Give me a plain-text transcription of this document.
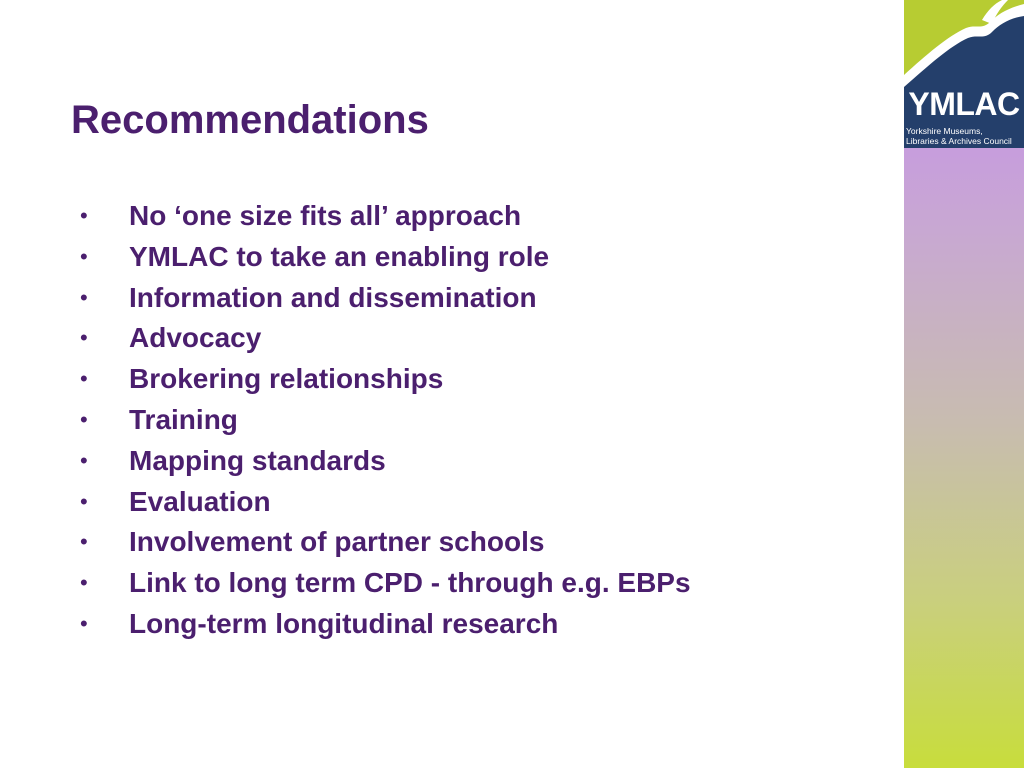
Recommendations
• No ‘one size fits all’ approach
• YMLAC to take an enabling role
• Information and dissemination
• Advocacy
• Brokering relationships
• Training
• Mapping standards
• Evaluation
• Involvement of partner schools
• Link to long term CPD - through e.g. EBPs
• Long-term longitudinal research
YMLAC
Yorkshire Museums,
Libraries & Archives Council
